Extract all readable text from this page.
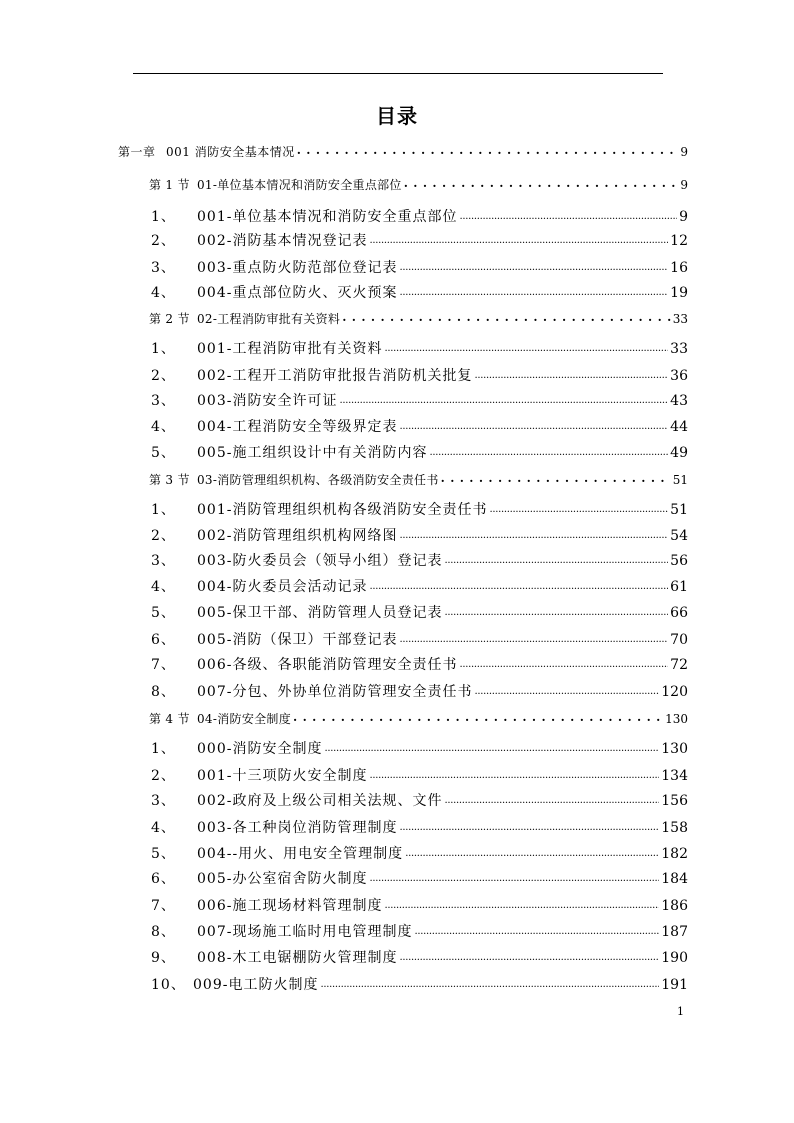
目录
第一章 001 消防安全基本情况 . . .	9
第 1 节 01-单位基本情况和消防安全重点部位 . . .	9
1、	001-单位基本情况和消防安全重点部位 .....	9
2、	002-消防基本情况登记表 .....	12
3、	003-重点防火防范部位登记表 .....	16
4、	004-重点部位防火、灭火预案 .....	19
第 2 节 02-工程消防审批有关资料 . . .	33
1、	001-工程消防审批有关资料 .....	33
2、	002-工程开工消防审批报告消防机关批复 .....	36
3、	003-消防安全许可证 .....	43
4、	004-工程消防安全等级界定表 .....	44
5、	005-施工组织设计中有关消防内容 .....	49
第 3 节 03-消防管理组织机构、各级消防安全责任书 . . .	51
1、	001-消防管理组织机构各级消防安全责任书 .....	51
2、	002-消防管理组织机构网络图 .....	54
3、	003-防火委员会（领导小组）登记表 .....	56
4、	004-防火委员会活动记录 .....	61
5、	005-保卫干部、消防管理人员登记表 .....	66
6、	005-消防（保卫）干部登记表 .....	70
7、	006-各级、各职能消防管理安全责任书 .....	72
8、	007-分包、外协单位消防管理安全责任书 .....	120
第 4 节 04-消防安全制度 . . .	130
1、	000-消防安全制度 .....	130
2、	001-十三项防火安全制度 .....	134
3、	002-政府及上级公司相关法规、文件 .....	156
4、	003-各工种岗位消防管理制度 .....	158
5、	004--用火、用电安全管理制度 .....	182
6、	005-办公室宿舍防火制度 .....	184
7、	006-施工现场材料管理制度 .....	186
8、	007-现场施工临时用电管理制度 .....	187
9、	008-木工电锯棚防火管理制度 .....	190
10、 009-电工防火制度 .....	191
1
